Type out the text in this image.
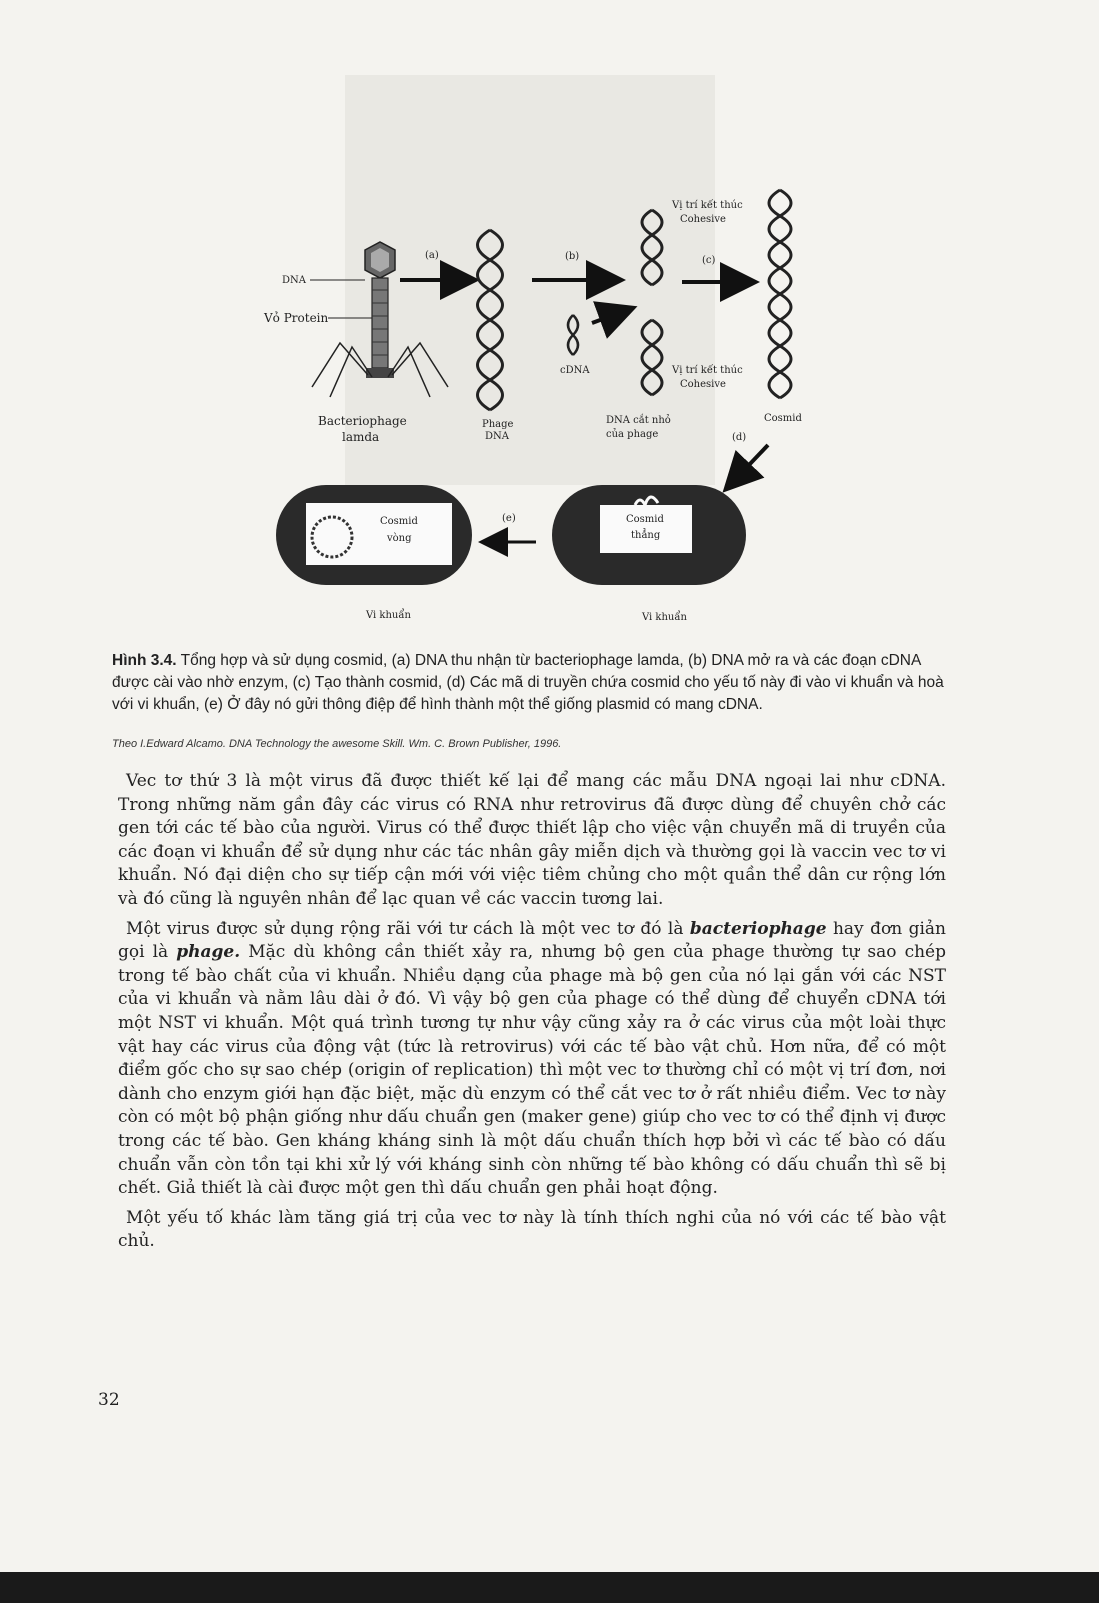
DNA
Vỏ Protein
Bacteriophage
lamda
(a)
Phage
DNA
(b)
cDNA
DNA cắt nhỏ
của phage
Vị trí kết thúc
Cohesive
Vị trí kết thúc
Cohesive
(c)
Cosmid
(d)
Cosmid
thẳng
Vi khuẩn
(e)
Cosmid
vòng
Vi khuẩn
Hình 3.4. Tổng hợp và sử dụng cosmid, (a) DNA thu nhận từ bacteriophage lamda, (b) DNA mở ra và các đoạn cDNA được cài vào nhờ enzym, (c) Tạo thành cosmid, (d) Các mã di truyền chứa cosmid cho yếu tố này đi vào vi khuẩn và hoà với vi khuẩn, (e) Ở đây nó gửi thông điệp để hình thành một thể giống plasmid có mang cDNA.
Theo I.Edward Alcamo. DNA Technology the awesome Skill. Wm. C. Brown Publisher, 1996.

Vec tơ thứ 3 là một virus đã được thiết kế lại để mang các mẫu DNA ngoại lai như cDNA. Trong những năm gần đây các virus có RNA như retrovirus đã được dùng để chuyên chở các gen tới các tế bào của người. Virus có thể được thiết lập cho việc vận chuyển mã di truyền của các đoạn vi khuẩn để sử dụng như các tác nhân gây miễn dịch và thường gọi là vaccin vec tơ vi khuẩn. Nó đại diện cho sự tiếp cận mới với việc tiêm chủng cho một quần thể dân cư rộng lớn và đó cũng là nguyên nhân để lạc quan về các vaccin tương lai.

Một virus được sử dụng rộng rãi với tư cách là một vec tơ đó là bacteriophage hay đơn giản gọi là phage. Mặc dù không cần thiết xảy ra, nhưng bộ gen của phage thường tự sao chép trong tế bào chất của vi khuẩn. Nhiều dạng của phage mà bộ gen của nó lại gắn với các NST của vi khuẩn và nằm lâu dài ở đó. Vì vậy bộ gen của phage có thể dùng để chuyển cDNA tới một NST vi khuẩn. Một quá trình tương tự như vậy cũng xảy ra ở các virus của một loài thực vật hay các virus của động vật (tức là retrovirus) với các tế bào vật chủ. Hơn nữa, để có một điểm gốc cho sự sao chép (origin of replication) thì một vec tơ thường chỉ có một vị trí đơn, nơi dành cho enzym giới hạn đặc biệt, mặc dù enzym có thể cắt vec tơ ở rất nhiều điểm. Vec tơ này còn có một bộ phận giống như dấu chuẩn gen (maker gene) giúp cho vec tơ có thể định vị được trong các tế bào. Gen kháng kháng sinh là một dấu chuẩn thích hợp bởi vì các tế bào có dấu chuẩn vẫn còn tồn tại khi xử lý với kháng sinh còn những tế bào không có dấu chuẩn thì sẽ bị chết. Giả thiết là cài được một gen thì dấu chuẩn gen phải hoạt động.

Một yếu tố khác làm tăng giá trị của vec tơ này là tính thích nghi của nó với các tế bào vật chủ.

32
